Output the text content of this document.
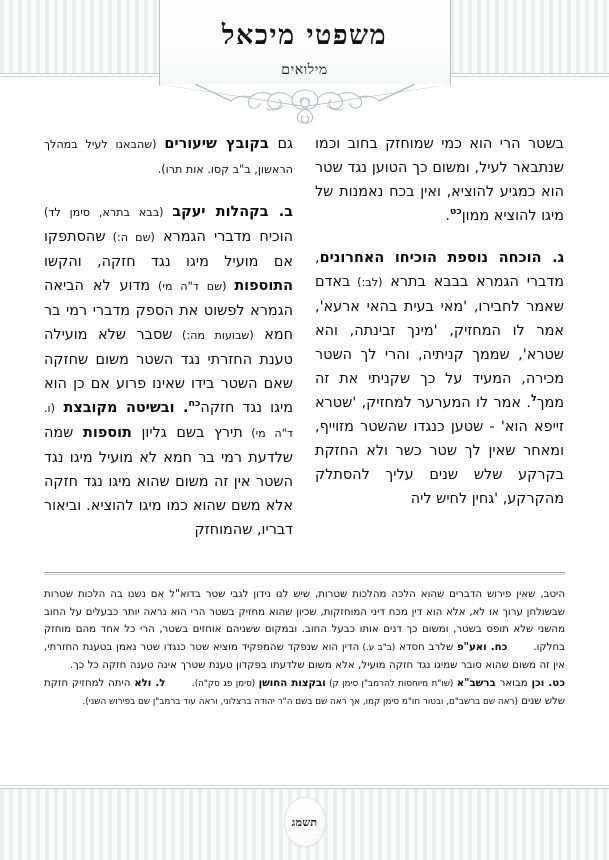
משפטי מיכאל
מילואים

גם בקובץ שיעורים (שהבאנו לעיל במהלך הראשון, ב"ב קסו. אות תרו).

ב. בקהלות יעקב (בבא בתרא, סימן לד) הוכיח מדברי הגמרא (שם ה:) שהסתפקו אם מועיל מיגו נגד חזקה, והקשו התוספות (שם ד"ה מי) מדוע לא הביאה הגמרא לפשוט את הספק מדברי רמי בר חמא (שבועות מה:) שסבר שלא מועילה טענת החזרתי נגד השטר משום שחזקה שאם השטר בידו שאינו פרוע אם כן הוא מיגו נגד חזקה$^{כח}$. ובשיטה מקובצת (ו. ד"ה מי) תירץ בשם גליון תוספות שמה שלדעת רמי בר חמא לא מועיל מיגו נגד השטר אין זה משום שהוא מיגו נגד חזקה אלא משם שהוא כמו מיגו להוציא. וביאור דבריו, שהמוחזק

בשטר הרי הוא כמי שמוחזק בחוב וכמו שנתבאר לעיל, ומשום כך הטוען נגד שטר הוא כמגיע להוציא, ואין בכח נאמנות של מיגו להוציא ממון$^{כט}$.

ג. הוכחה נוספת הוכיחו האחרונים, מדברי הגמרא בבבא בתרא (לב:) באדם שאמר לחבירו, 'מאי בעית בהאי ארעא', אמר לו המחזיק, 'מינך זבינתה, והא שטרא', שממך קניתיה, והרי לך השטר מכירה, המעיד על כך שקניתי את זה ממך$^ל$. אמר לו המערער למחזיק, 'שטרא זייפא הוא' - שטען כנגדו שהשטר מזוייף, ומאחר שאין לך שטר כשר ולא החזקת בקרקע שלש שנים עליך להסתלק מהקרקע, 'גחין לחיש ליה

היטב, שאין פירוש הדברים שהוא הלכה מהלכות שטרות, שיש לנו נידון לגבי שטר בדוא"ל אם נשנו בה הלכות שטרות שבשולחן ערוך או לא, אלא הוא דין מכח דיני המוחזקות, שכיון שהוא מחזיק בשטר הרי הוא נראה יותר כבעלים על החוב מהשני שלא תופס בשטר, ומשום כך דנים אותו כבעל החוב. ובמקום ששניהם אוחזים בשטר, הרי כל אחד מהם מוחזק בחלקו.כח. ואע"פ שלרב חסדא (ב"ב ע.) הדין הוא שנפקד שהמפקיד מוציא שטר כנגדו שטר נאמן בטענת החזרתי, אין זה משום שהוא סובר שמיגו נגד חזקה מועיל, אלא משום שלדעתו בפקדון טענת שטרך אינה טענה חזקה כל כך.כט. וכן מבואר ברשב"א (שו"ת מיוחסות להרמב"ן סימן ק) ובקצות החושן (סימן פג סק"ה).ל. ולא היתה למחזיק חזקת שלש שנים (ראה שם ברשב"ם, ובטור חו"מ סימן קמו, אך ראה שם בשם ה"ר יהודה ברצלוני, וראה עוד ברמב"ן שם בפירוש השני).

תשמג
